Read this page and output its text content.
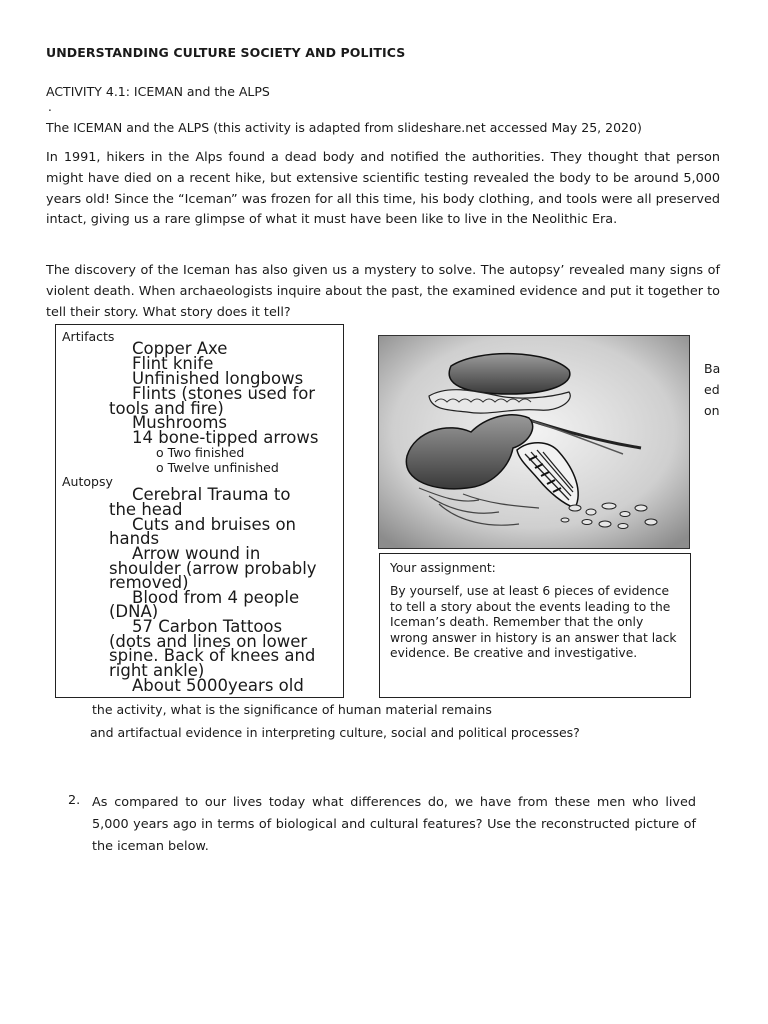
UNDERSTANDING CULTURE SOCIETY AND POLITICS
ACTIVITY 4.1: ICEMAN and the ALPS
.
The ICEMAN and the ALPS (this activity is adapted from slideshare.net accessed May 25, 2020)

In 1991, hikers in the Alps found a dead body and notified the authorities. They thought that person might have died on a recent hike, but extensive scientific testing revealed the body to be around 5,000 years old! Since the “Iceman” was frozen for all this time, his body clothing, and tools were all preserved intact, giving us a rare glimpse of what it must have been like to live in the Neolithic Era.

The discovery of the Iceman has also given us a mystery to solve. The autopsy’ revealed many signs of violent death. When archaeologists inquire about the past, the examined evidence and put it together to tell their story. What story does it tell?

Artifacts
Copper Axe
Flint knife
Unfinished longbows
Flints (stones used for
tools and fire)
Mushrooms
14 bone-tipped arrows
o Two finished
o Twelve unfinished
Autopsy
Cerebral Trauma to
the head
Cuts and bruises on
hands
Arrow wound in
shoulder (arrow probably
removed)
Blood from 4 people
(DNA)
57 Carbon Tattoos
(dots and lines on lower
spine. Back of knees and
right ankle)
About 5000years old
Ba
ed
on
Your assignment:
By yourself, use at least 6 pieces of evidence to tell a story about the events leading to the Iceman’s death. Remember that the only wrong answer in history is an answer that lack evidence. Be creative and investigative.
the activity, what is the significance of human material remains
and artifactual evidence in interpreting culture, social and political processes?
2. As compared to our lives today what differences do, we have from these men who lived 5,000 years ago in terms of biological and cultural features? Use the reconstructed picture of the iceman below.
